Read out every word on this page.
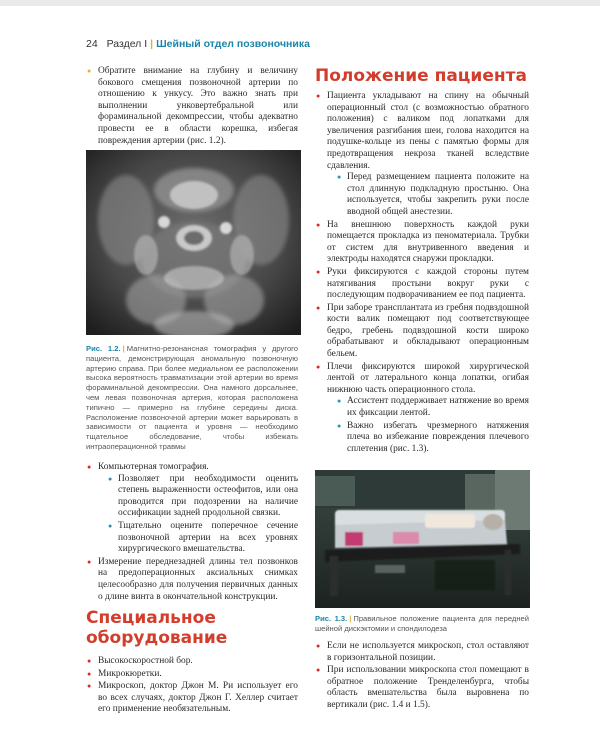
24 Раздел I | Шейный отдел позвоночника
● Обратите внимание на глубину и величину бокового смещения позвоночной артерии по отношению к ункусу. Это важно знать при выполнении унковертебральной или фораминальной декомпрессии, чтобы адекватно провести ее в области корешка, избегая повреждения артерии (рис. 1.2).
Рис. 1.2. | Магнитно-резонансная томография у другого пациента, демонстрирующая аномальную позвоночную артерию справа. При более медиальном ее расположении высока вероятность травматизации этой артерии во время фораминальной декомпрессии. Она намного дорсальнее, чем левая позвоночная артерия, которая расположена типично — примерно на глубине середины диска. Расположение позвоночной артерии может варьировать в зависимости от пациента и уровня — необходимо тщательное обследование, чтобы избежать интраоперационной травмы
● Компьютерная томография.
● Позволяет при необходимости оценить степень выраженности остеофитов, или она проводится при подозрении на наличие оссификации задней продольной связки.
● Тщательно оцените поперечное сечение позвоночной артерии на всех уровнях хирургического вмешательства.
● Измерение переднезадней длины тел позвонков на предоперационных аксиальных снимках целесообразно для получения первичных данных о длине винта в окончательной конструкции.
Специальное
оборудование
● Высокоскоростной бор.
● Микрокюретки.
● Микроскоп, доктор Джон М. Ри использует его во всех случаях, доктор Джон Г. Хеллер считает его применение необязательным.
Положение пациента
● Пациента укладывают на спину на обычный операционный стол (с возможностью обратного положения) с валиком под лопатками для увеличения разгибания шеи, голова находится на подушке-кольце из пены с памятью формы для предотвращения некроза тканей вследствие сдавления.
● Перед размещением пациента положите на стол длинную подкладную простыню. Она используется, чтобы закрепить руки после вводной общей анестезии.
● На внешнюю поверхность каждой руки помещается прокладка из пеноматериала. Трубки от систем для внутривенного введения и электроды находятся снаружи прокладки.
● Руки фиксируются с каждой стороны путем натягивания простыни вокруг руки с последующим подворачиванием ее под пациента.
● При заборе трансплантата из гребня подвздошной кости валик помещают под соответствующее бедро, гребень подвздошной кости широко обрабатывают и обкладывают операционным бельем.
● Плечи фиксируются широкой хирургической лентой от латерального конца лопатки, огибая нижнюю часть операционного стола.
● Ассистент поддерживает натяжение во время их фиксации лентой.
● Важно избегать чрезмерного натяжения плеча во избежание повреждения плечевого сплетения (рис. 1.3).
Рис. 1.3. | Правильное положение пациента для передней шейной дискэктомии и спондилодеза
● Если не используется микроскоп, стол оставляют в горизонтальной позиции.
● При использовании микроскопа стол помещают в обратное положение Тренделенбурга, чтобы область вмешательства была выровнена по вертикали (рис. 1.4 и 1.5).
